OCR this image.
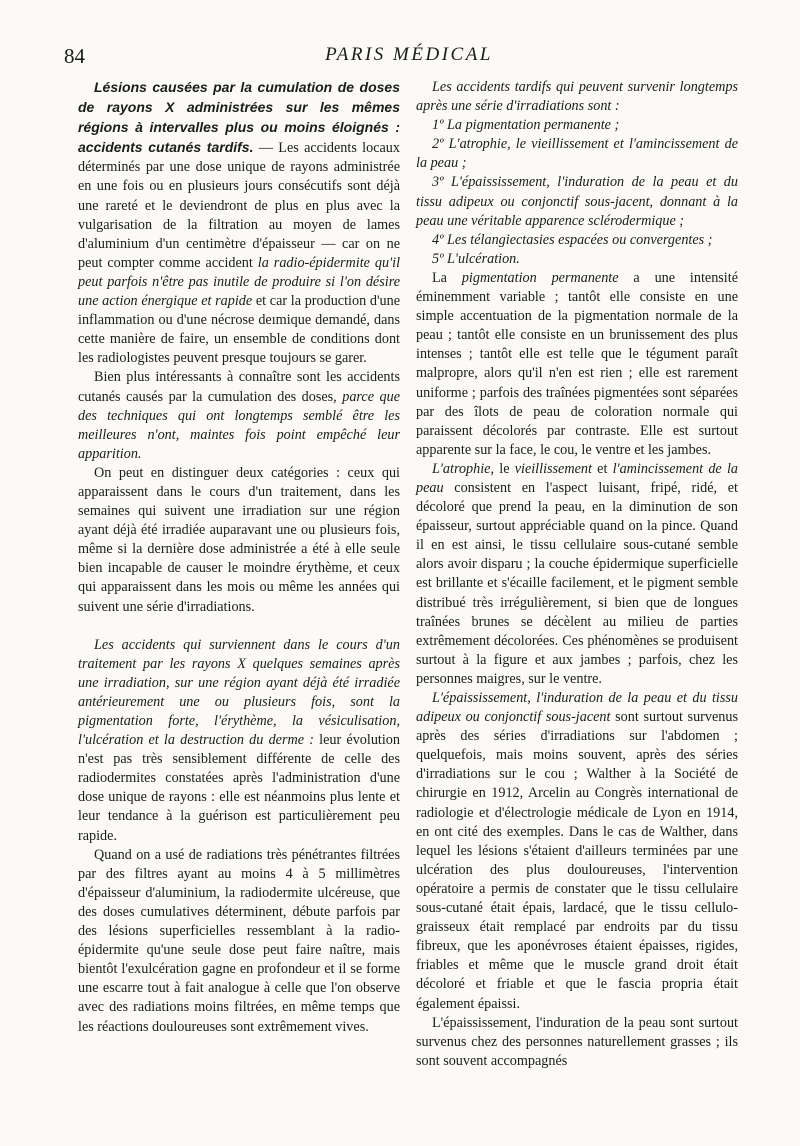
84	PARIS MÉDICAL

Lésions causées par la cumulation de doses de rayons X administrées sur les mêmes régions à intervalles plus ou moins éloignés : accidents cutanés tardifs. — Les accidents locaux déterminés par une dose unique de rayons administrée en une fois ou en plusieurs jours consécutifs sont déjà une rareté et le deviendront de plus en plus avec la vulgarisation de la filtration au moyen de lames d'aluminium d'un centimètre d'épaisseur — car on ne peut compter comme accident la radio-épidermite qu'il peut parfois n'être pas inutile de produire si l'on désire une action énergique et rapide et car la production d'une inflammation ou d'une nécrose deımique demandé, dans cette manière de faire, un ensemble de conditions dont les radiologistes peuvent presque toujours se garer.

Bien plus intéressants à connaître sont les accidents cutanés causés par la cumulation des doses, parce que des techniques qui ont longtemps semblé être les meilleures n'ont, maintes fois point empêché leur apparition.

On peut en distinguer deux catégories : ceux qui apparaissent dans le cours d'un traitement, dans les semaines qui suivent une irradiation sur une région ayant déjà été irradiée auparavant une ou plusieurs fois, même si la dernière dose administrée a été à elle seule bien incapable de causer le moindre érythème, et ceux qui apparaissent dans les mois ou même les années qui suivent une série d'irradiations.

Les accidents qui surviennent dans le cours d'un traitement par les rayons X quelques semaines après une irradiation, sur une région ayant déjà été irradiée antérieurement une ou plusieurs fois, sont la pigmentation forte, l'érythème, la vésiculisation, l'ulcération et la destruction du derme : leur évolution n'est pas très sensiblement différente de celle des radiodermites constatées après l'administration d'une dose unique de rayons : elle est néanmoins plus lente et leur tendance à la guérison est particulièrement peu rapide.

Quand on a usé de radiations très pénétrantes filtrées par des filtres ayant au moins 4 à 5 millimètres d'épaisseur d'aluminium, la radiodermite ulcéreuse, que des doses cumulatives déterminent, débute parfois par des lésions superficielles ressemblant à la radio-épidermite qu'une seule dose peut faire naître, mais bientôt l'exulcération gagne en profondeur et il se forme une escarre tout à fait analogue à celle que l'on observe avec des radiations moins filtrées, en même temps que les réactions douloureuses sont extrêmement vives.

Les accidents tardifs qui peuvent survenir longtemps après une série d'irradiations sont :

1º La pigmentation permanente ;

2º L'atrophie, le vieillissement et l'amincissement de la peau ;

3º L'épaississement, l'induration de la peau et du tissu adipeux ou conjonctif sous-jacent, donnant à la peau une véritable apparence sclérodermique ;

4º Les télangiectasies espacées ou convergentes ;

5º L'ulcération.

La pigmentation permanente a une intensité éminemment variable ; tantôt elle consiste en une simple accentuation de la pigmentation normale de la peau ; tantôt elle consiste en un brunissement des plus intenses ; tantôt elle est telle que le tégument paraît malpropre, alors qu'il n'en est rien ; elle est rarement uniforme ; parfois des traînées pigmentées sont séparées par des îlots de peau de coloration normale qui paraissent décolorés par contraste. Elle est surtout apparente sur la face, le cou, le ventre et les jambes.

L'atrophie, le vieillissement et l'amincissement de la peau consistent en l'aspect luisant, fripé, ridé, et décoloré que prend la peau, en la diminution de son épaisseur, surtout appréciable quand on la pince. Quand il en est ainsi, le tissu cellulaire sous-cutané semble alors avoir disparu ; la couche épidermique superficielle est brillante et s'écaille facilement, et le pigment semble distribué très irrégulièrement, si bien que de longues traînées brunes se décèlent au milieu de parties extrêmement décolorées. Ces phénomènes se produisent surtout à la figure et aux jambes ; parfois, chez les personnes maigres, sur le ventre.

L'épaississement, l'induration de la peau et du tissu adipeux ou conjonctif sous-jacent sont surtout survenus après des séries d'irradiations sur l'abdomen ; quelquefois, mais moins souvent, après des séries d'irradiations sur le cou ; Walther à la Société de chirurgie en 1912, Arcelin au Congrès international de radiologie et d'électrologie médicale de Lyon en 1914, en ont cité des exemples. Dans le cas de Walther, dans lequel les lésions s'étaient d'ailleurs terminées par une ulcération des plus douloureuses, l'intervention opératoire a permis de constater que le tissu cellulaire sous-cutané était épais, lardacé, que le tissu cellulo-graisseux était remplacé par endroits par du tissu fibreux, que les aponévroses étaient épaisses, rigides, friables et même que le muscle grand droit était décoloré et friable et que le fascia propria était également épaissi.

L'épaississement, l'induration de la peau sont surtout survenus chez des personnes naturellement grasses ; ils sont souvent accompagnés
